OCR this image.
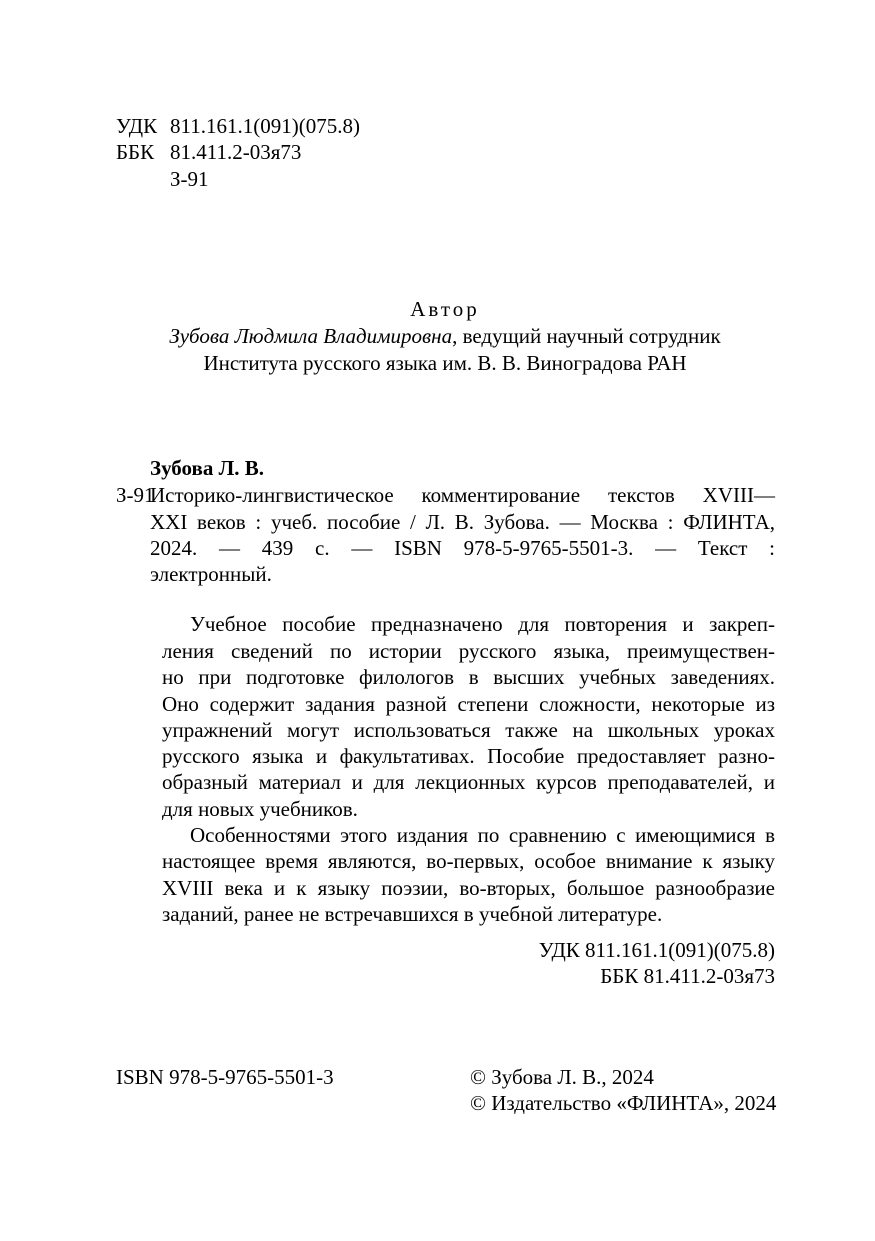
УДК 811.161.1(091)(075.8)
ББК 81.411.2-03я73
З-91
Автор
Зубова Людмила Владимировна, ведущий научный сотрудник
Института русского языка им. В. В. Виноградова РАН
Зубова Л. В.
З-91
Историко-лингвистическое комментирование текстов XVIII—
XXI веков : учеб. пособие / Л. В. Зубова. — Москва : ФЛИНТА,
2024. — 439 с. — ISBN 978-5-9765-5501-3. — Текст :
электронный.
Учебное пособие предназначено для повторения и закреп-
ления сведений по истории русского языка, преимуществен-
но при подготовке филологов в высших учебных заведениях.
Оно содержит задания разной степени сложности, некоторые из
упражнений могут использоваться также на школьных уроках
русского языка и факультативах. Пособие предоставляет разно-
образный материал и для лекционных курсов преподавателей, и
для новых учебников.
Особенностями этого издания по сравнению с имеющимися в
настоящее время являются, во-первых, особое внимание к языку
XVIII века и к языку поэзии, во-вторых, большое разнообразие
заданий, ранее не встречавшихся в учебной литературе.
УДК 811.161.1(091)(075.8)
ББК 81.411.2-03я73
ISBN 978-5-9765-5501-3	© Зубова Л. В., 2024
© Издательство «ФЛИНТА», 2024
